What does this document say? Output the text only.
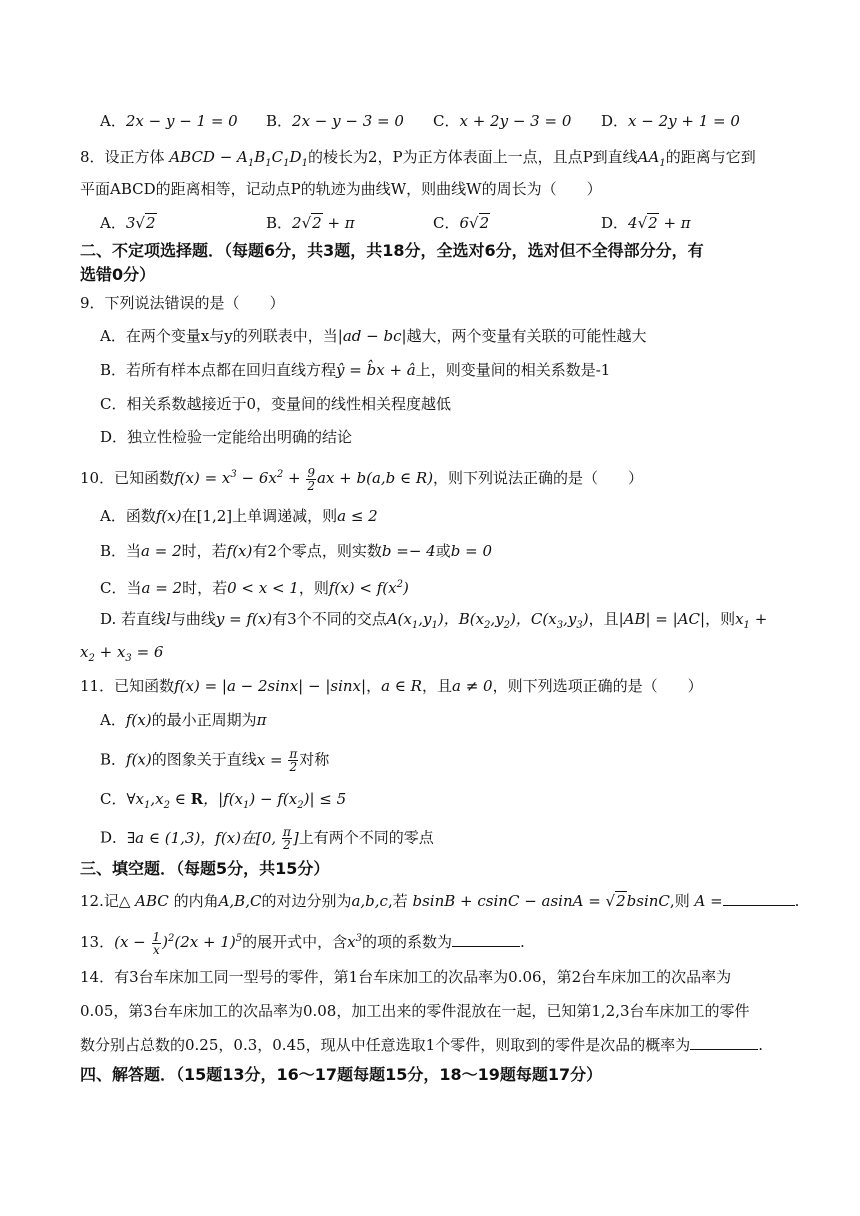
A．2x − y − 1 = 0 B．2x − y − 3 = 0 C．x + 2y − 3 = 0 D．x − 2y + 1 = 0
8．设正方体 ABCD − $A_1B_1C_1D_1$的棱长为2，P为正方体表面上一点，且点P到直线$AA_1$的距离与它到
平面ABCD的距离相等，记动点P的轨迹为曲线W，则曲线W的周长为（　　）
A．3√2	B．2√2 + π	C．6√2	D．4√2 + π
二、不定项选择题．（每题6分，共3题，共18分，全选对6分，选对但不全得部分分，有
选错0分）
9．下列说法错误的是（　　）
A．在两个变量x与y的列联表中，当|ad − bc|越大，两个变量有关联的可能性越大
B．若所有样本点都在回归直线方程ŷ = b̂x + â上，则变量间的相关系数是-1
C．相关系数越接近于0，变量间的线性相关程度越低
D．独立性检验一定能给出明确的结论
10．已知函数$f(x) = x^3 - 6x^2 + \frac{9}{2}$ ax + b(a,b ∈ R)，则下列说法正确的是（　　）
A．函数f(x)在[1,2]上单调递减，则a ≤ 2
B．当a = 2时，若f(x)有2个零点，则实数b =− 4或b = 0
C．当a = 2时，若0 < x < 1，则$f(x) < f(x^2)$
D. 若直线l与曲线y = f(x)有3个不同的交点$A(x_1,y_1)$，$B(x_2,y_2)$，$C(x_3,y_3)$，且|AB| = |AC|，则$x_1$ +
$x_2 + x_3 = 6$
11．已知函数f(x) = |a − 2sinx| − |sinx|，a ∈ R，且a ≠ 0，则下列选项正确的是（　　）
A．f(x)的最小正周期为π
B．f(x)的图象关于直线$x = \frac{\pi}{2}$ 对称
C．$\forall x_1,x_2$ ∈ R，$|f(x_1) - f(x_2)| \le 5$
D．∃a ∈ (1,3)，f(x)在[0, $\frac{\pi}{2}$ ]上有两个不同的零点
三、填空题．（每题5分，共15分）
12.记△ ABC 的内角A,B,C的对边分别为a,b,c,若 bsinB + csinC − asinA = √2bsinC,则 A =	.
13．$(x - \frac{1}{x} )^2(2x + 1)^5$的展开式中，含$x^3$的项的系数为	.
14．有3台车床加工同一型号的零件，第1台车床加工的次品率为0.06，第2台车床加工的次品率为
0.05，第3台车床加工的次品率为0.08，加工出来的零件混放在一起，已知第1,2,3台车床加工的零件
数分别占总数的0.25，0.3，0.45，现从中任意选取1个零件，则取到的零件是次品的概率为	.
四、解答题．（15题13分，16～17题每题15分，18～19题每题17分）
